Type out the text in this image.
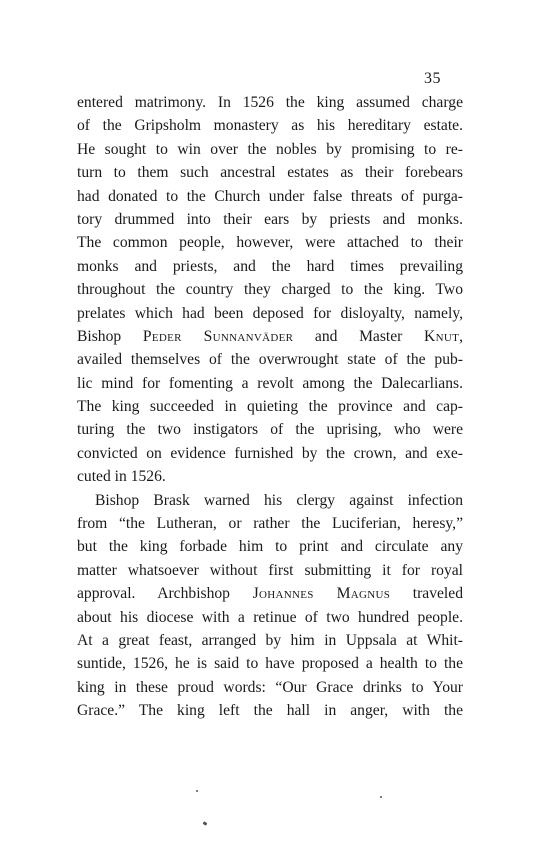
35
entered matrimony. In 1526 the king assumed charge
of the Gripsholm monastery as his hereditary estate.
He sought to win over the nobles by promising to re-
turn to them such ancestral estates as their forebears
had donated to the Church under false threats of purga-
tory drummed into their ears by priests and monks.
The common people, however, were attached to their
monks and priests, and the hard times prevailing
throughout the country they charged to the king. Two
prelates which had been deposed for disloyalty, namely,
Bishop Peder Sunnanväder and Master Knut,
availed themselves of the overwrought state of the pub-
lic mind for fomenting a revolt among the Dalecarlians.
The king succeeded in quieting the province and cap-
turing the two instigators of the uprising, who were
convicted on evidence furnished by the crown, and exe-
cuted in 1526.
Bishop Brask warned his clergy against infection
from “the Lutheran, or rather the Luciferian, heresy,”
but the king forbade him to print and circulate any
matter whatsoever without first submitting it for royal
approval. Archbishop Johannes Magnus traveled
about his diocese with a retinue of two hundred people.
At a great feast, arranged by him in Uppsala at Whit-
suntide, 1526, he is said to have proposed a health to the
king in these proud words: “Our Grace drinks to Your
Grace.” The king left the hall in anger, with the
